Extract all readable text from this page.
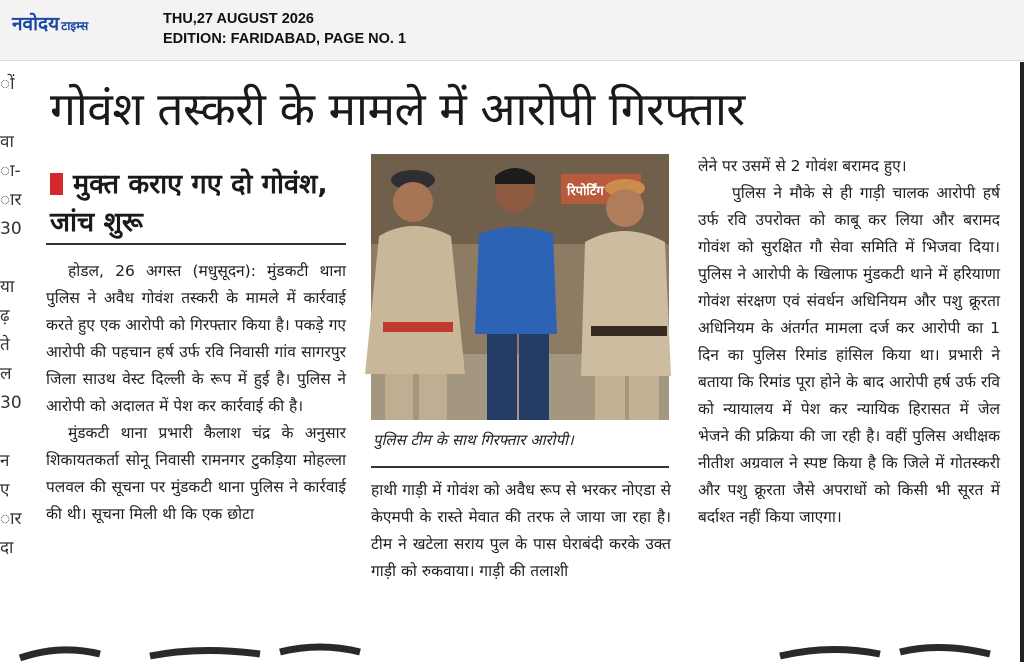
नवोदय टाइम्स	THU,27 AUGUST 2026
EDITION: FARIDABAD, PAGE NO. 1
ों
वा
ा-
ार
30
या
ढ़
ते
ल
30
न
ए
ार
दा
गोवंश तस्करी के मामले में आरोपी गिरफ्तार
मुक्त कराए गए दो गोवंश, जांच शुरू

होडल, 26 अगस्त (मधुसूदन): मुंडकटी थाना पुलिस ने अवैध गोवंश तस्करी के मामले में कार्रवाई करते हुए एक आरोपी को गिरफ्तार किया है। पकड़े गए आरोपी की पहचान हर्ष उर्फ रवि निवासी गांव सागरपुर जिला साउथ वेस्ट दिल्ली के रूप में हुई है। पुलिस ने आरोपी को अदालत में पेश कर कार्रवाई की है।

मुंडकटी थाना प्रभारी कैलाश चंद्र के अनुसार शिकायतकर्ता सोनू निवासी रामनगर टुकड़िया मोहल्ला पलवल की सूचना पर मुंडकटी थाना पुलिस ने कार्रवाई की थी। सूचना मिली थी कि एक छोटा

रिपोर्टिंग
पुलिस टीम के साथ गिरफ्तार आरोपी।

हाथी गाड़ी में गोवंश को अवैध रूप से भरकर नोएडा से केएमपी के रास्ते मेवात की तरफ ले जाया जा रहा है। टीम ने खटेला सराय पुल के पास घेराबंदी करके उक्त गाड़ी को रुकवाया। गाड़ी की तलाशी

लेने पर उसमें से 2 गोवंश बरामद हुए।

पुलिस ने मौके से ही गाड़ी चालक आरोपी हर्ष उर्फ रवि उपरोक्त को काबू कर लिया और बरामद गोवंश को सुरक्षित गौ सेवा समिति में भिजवा दिया। पुलिस ने आरोपी के खिलाफ मुंडकटी थाने में हरियाणा गोवंश संरक्षण एवं संवर्धन अधिनियम और पशु क्रूरता अधिनियम के अंतर्गत मामला दर्ज कर आरोपी का 1 दिन का पुलिस रिमांड हांसिल किया था। प्रभारी ने बताया कि रिमांड पूरा होने के बाद आरोपी हर्ष उर्फ रवि को न्यायालय में पेश कर न्यायिक हिरासत में जेल भेजने की प्रक्रिया की जा रही है। वहीं पुलिस अधीक्षक नीतीश अग्रवाल ने स्पष्ट किया है कि जिले में गोतस्करी और पशु क्रूरता जैसे अपराधों को किसी भी सूरत में बर्दाश्त नहीं किया जाएगा।
